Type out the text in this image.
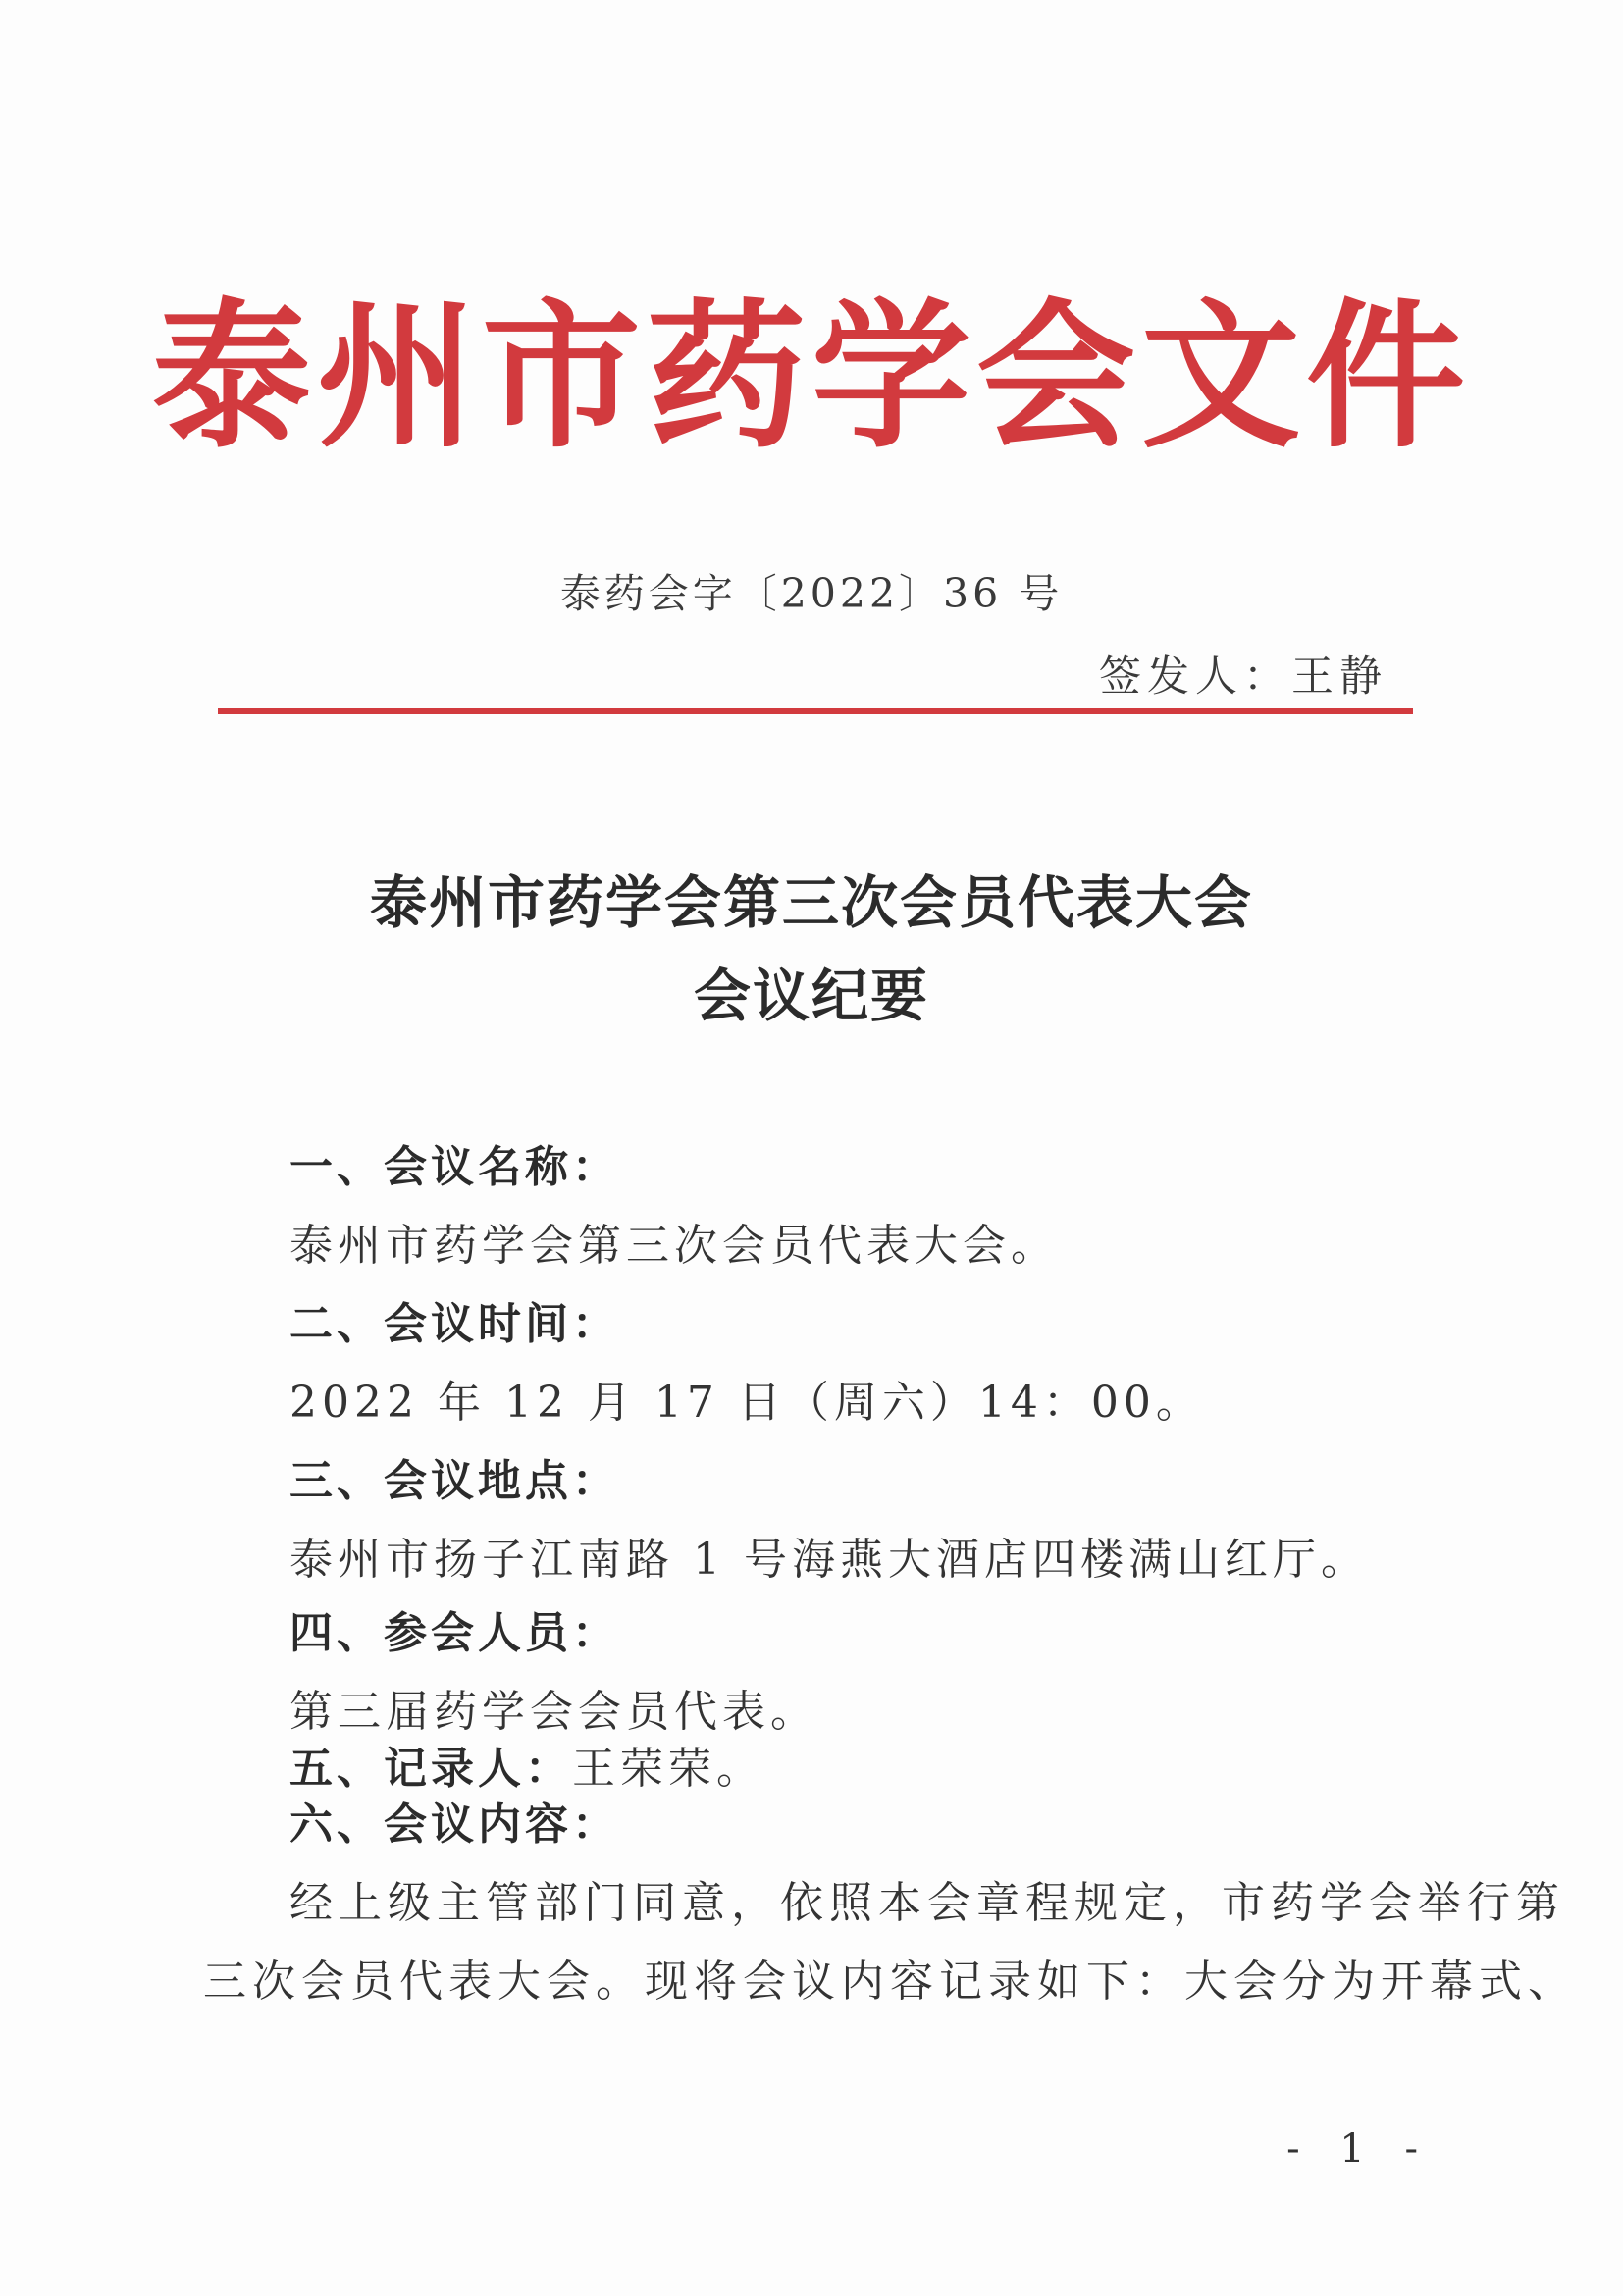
泰州市药学会文件
泰药会字〔2022〕36 号
签发人：王静
泰州市药学会第三次会员代表大会
会议纪要
一、会议名称：
泰州市药学会第三次会员代表大会。
二、会议时间：
2022 年 12 月 17 日（周六）14：00。
三、会议地点：
泰州市扬子江南路 1 号海燕大酒店四楼满山红厅。
四、参会人员：
第三届药学会会员代表。
五、记录人：王荣荣。
六、会议内容：
经上级主管部门同意，依照本会章程规定，市药学会举行第
三次会员代表大会。现将会议内容记录如下：大会分为开幕式、
- 1 -
